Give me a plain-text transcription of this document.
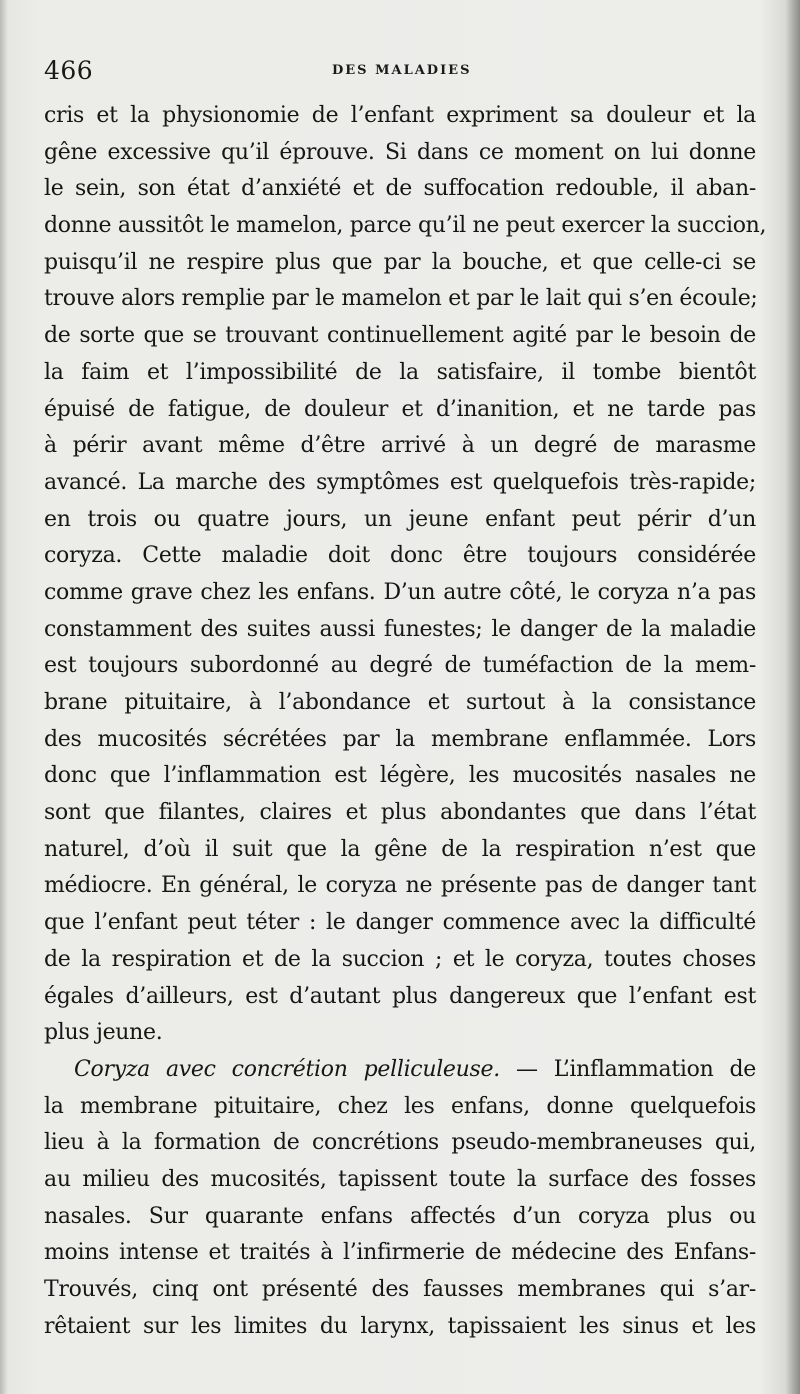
466	DES MALADIES
cris et la physionomie de l’enfant expriment sa douleur et la
gêne excessive qu’il éprouve. Si dans ce moment on lui donne
le sein, son état d’anxiété et de suffocation redouble, il aban-
donne aussitôt le mamelon, parce qu’il ne peut exercer la succion,
puisqu’il ne respire plus que par la bouche, et que celle-ci se
trouve alors remplie par le mamelon et par le lait qui s’en écoule;
de sorte que se trouvant continuellement agité par le besoin de
la faim et l’impossibilité de la satisfaire, il tombe bientôt
épuisé de fatigue, de douleur et d’inanition, et ne tarde pas
à périr avant même d’être arrivé à un degré de marasme
avancé. La marche des symptômes est quelquefois très-rapide;
en trois ou quatre jours, un jeune enfant peut périr d’un
coryza. Cette maladie doit donc être toujours considérée
comme grave chez les enfans. D’un autre côté, le coryza n’a pas
constamment des suites aussi funestes; le danger de la maladie
est toujours subordonné au degré de tuméfaction de la mem-
brane pituitaire, à l’abondance et surtout à la consistance
des mucosités sécrétées par la membrane enflammée. Lors
donc que l’inflammation est légère, les mucosités nasales ne
sont que filantes, claires et plus abondantes que dans l’état
naturel, d’où il suit que la gêne de la respiration n’est que
médiocre. En général, le coryza ne présente pas de danger tant
que l’enfant peut téter : le danger commence avec la difficulté
de la respiration et de la succion ; et le coryza, toutes choses
égales d’ailleurs, est d’autant plus dangereux que l’enfant est
plus jeune.
Coryza avec concrétion pelliculeuse. — L’inflammation de
la membrane pituitaire, chez les enfans, donne quelquefois
lieu à la formation de concrétions pseudo-membraneuses qui,
au milieu des mucosités, tapissent toute la surface des fosses
nasales. Sur quarante enfans affectés d’un coryza plus ou
moins intense et traités à l’infirmerie de médecine des Enfans-
Trouvés, cinq ont présenté des fausses membranes qui s’ar-
rêtaient sur les limites du larynx, tapissaient les sinus et les
